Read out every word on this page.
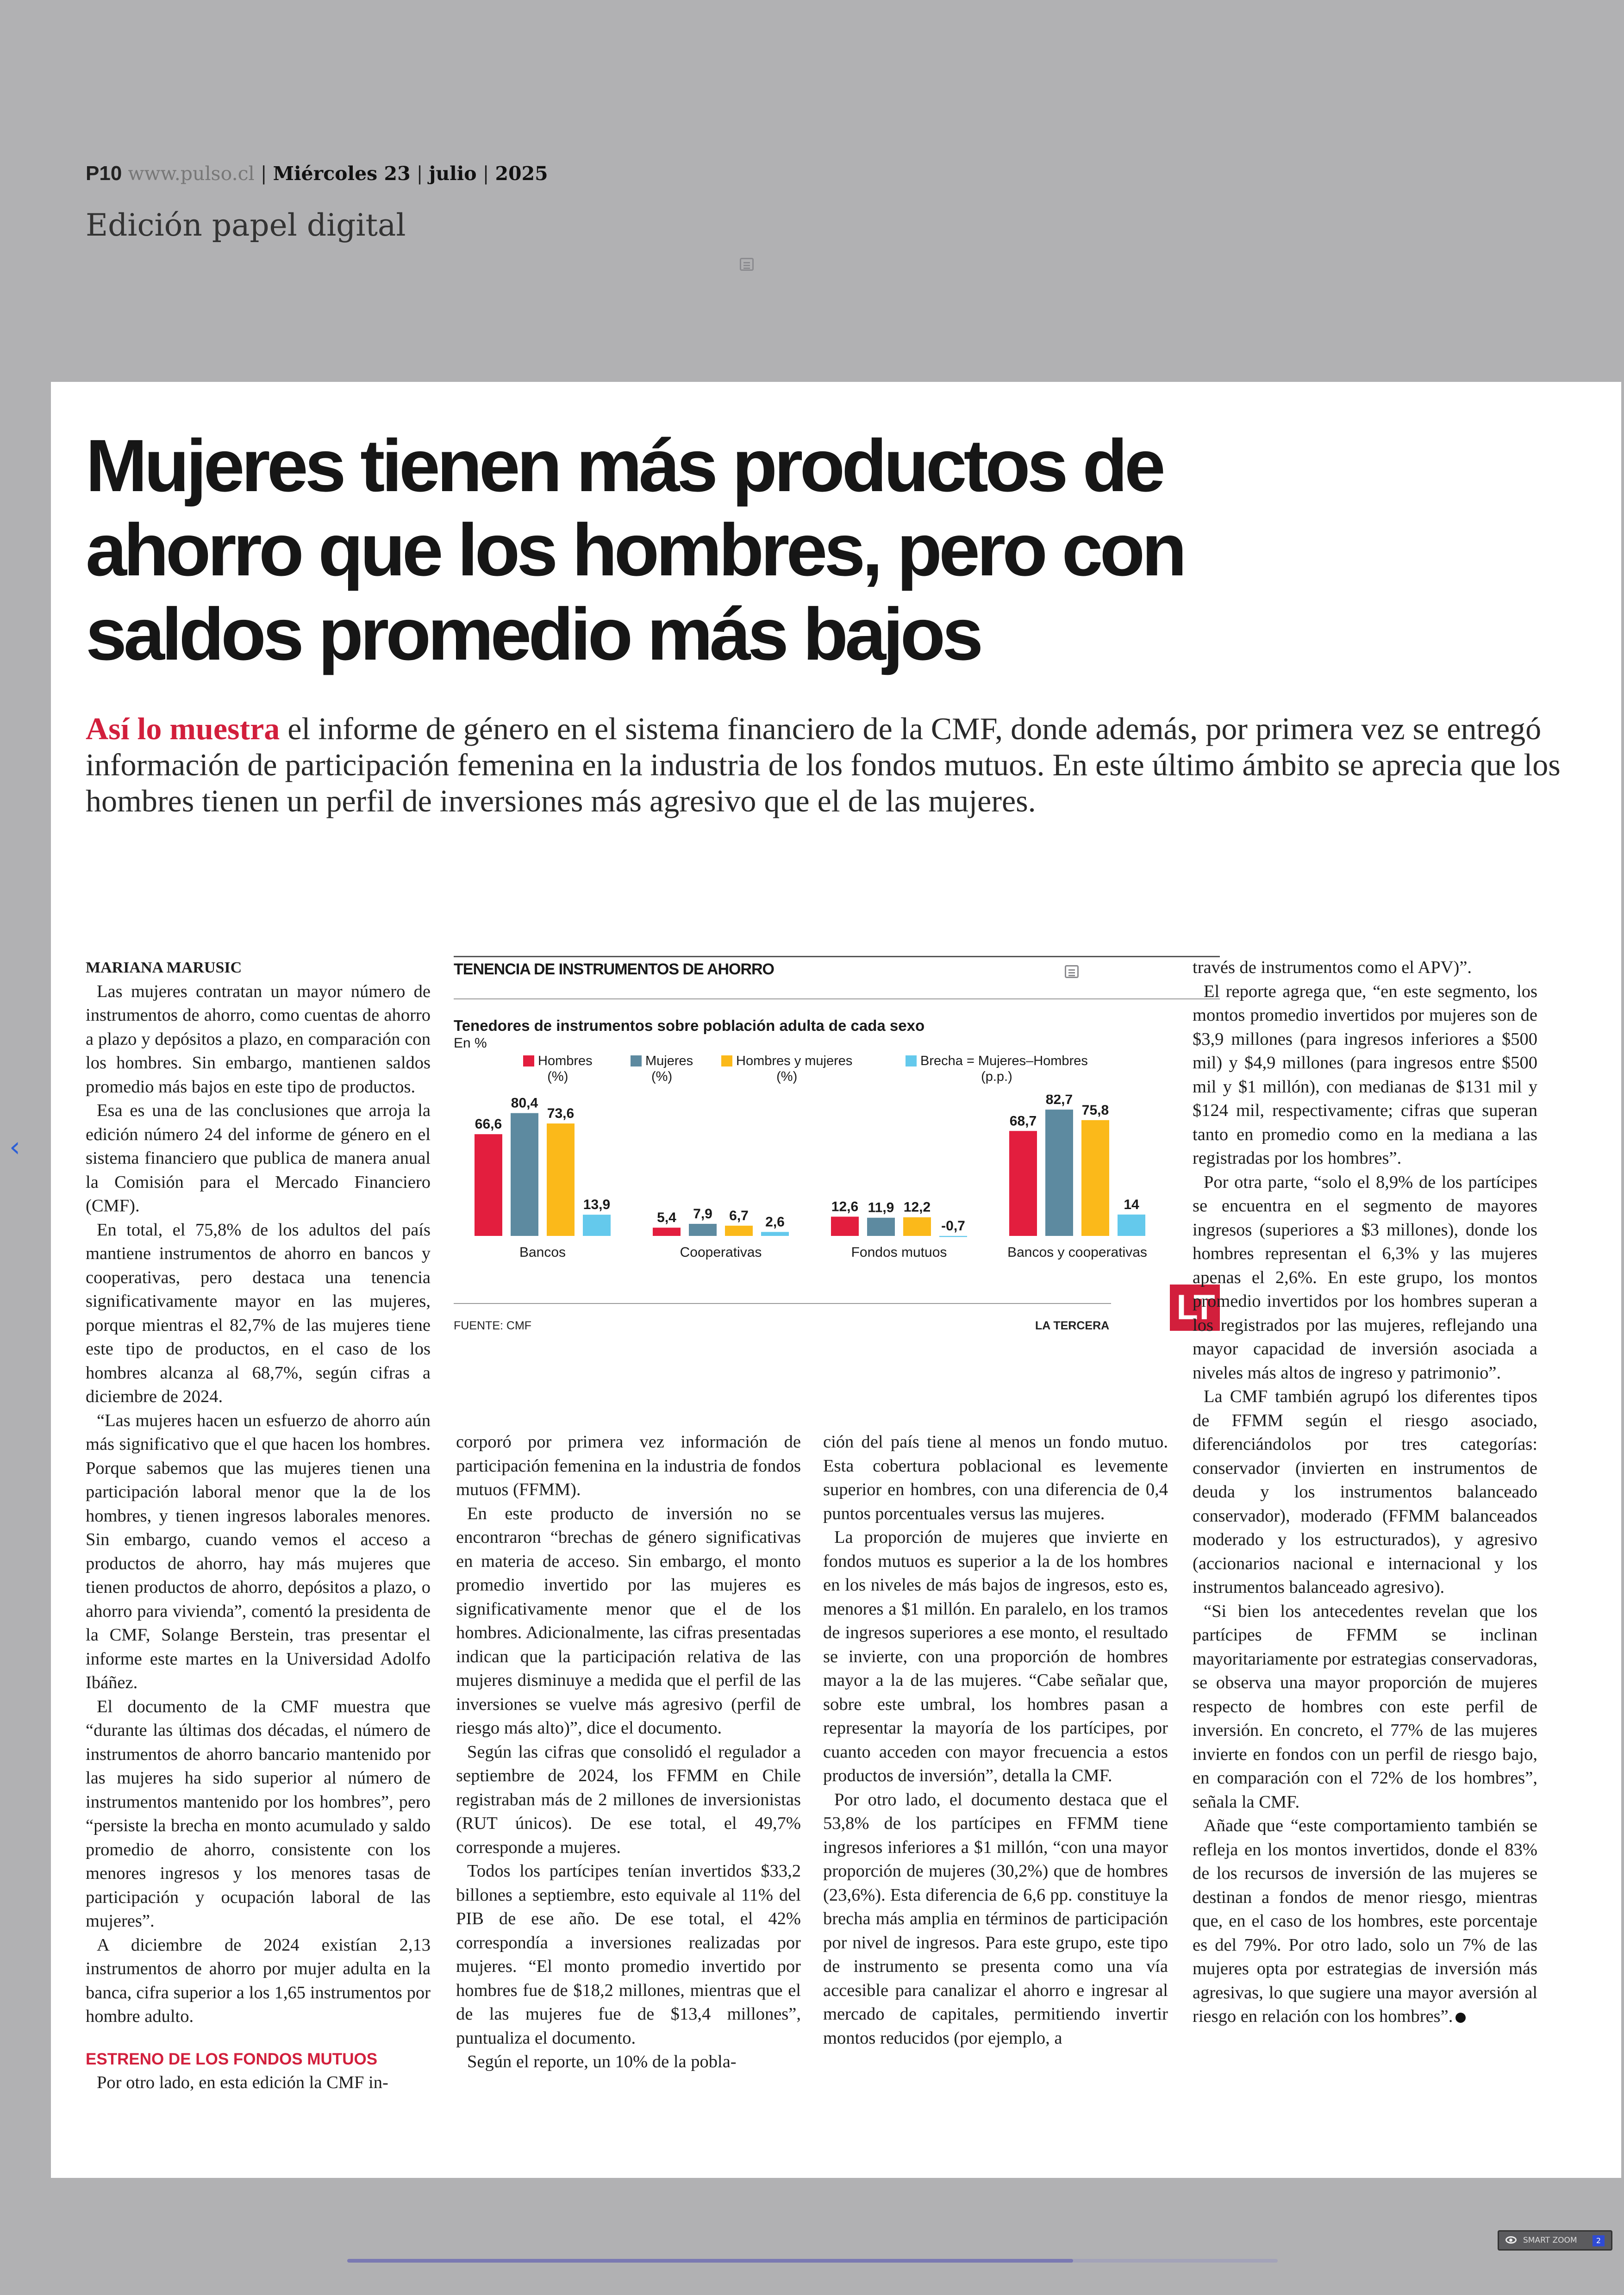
P10 www.pulso.cl | Miércoles 23 | julio | 2025
Edición papel digital
‹
Mujeres tienen más productos de ahorro que los hombres, pero con saldos promedio más bajos
Así lo muestra el informe de género en el sistema financiero de la CMF, donde además, por primera vez se entregó información de participación femenina en la industria de los fondos mutuos. En este último ámbito se aprecia que los hombres tienen un perfil de inversiones más agresivo que el de las mujeres.

MARIANA MARUSIC

Las mujeres contratan un mayor número de instrumentos de ahorro, como cuentas de ahorro a plazo y depósitos a plazo, en comparación con los hombres. Sin embargo, mantienen saldos promedio más bajos en este tipo de productos.

Esa es una de las conclusiones que arroja la edición número 24 del informe de género en el sistema financiero que publica de manera anual la Comisión para el Mercado Financiero (CMF).

En total, el 75,8% de los adultos del país mantiene instrumentos de ahorro en bancos y cooperativas, pero destaca una tenencia significativamente mayor en las mujeres, porque mientras el 82,7% de las mujeres tiene este tipo de productos, en el caso de los hombres alcanza al 68,7%, según cifras a diciembre de 2024.

“Las mujeres hacen un esfuerzo de ahorro aún más significativo que el que hacen los hombres. Porque sabemos que las mujeres tienen una participación laboral menor que la de los hombres, y tienen ingresos laborales menores. Sin embargo, cuando vemos el acceso a productos de ahorro, hay más mujeres que tienen productos de ahorro, depósitos a plazo, o ahorro para vivienda”, comentó la presidenta de la CMF, Solange Berstein, tras presentar el informe este martes en la Universidad Adolfo Ibáñez.

El documento de la CMF muestra que “durante las últimas dos décadas, el número de instrumentos de ahorro bancario mantenido por las mujeres ha sido superior al número de instrumentos mantenido por los hombres”, pero “persiste la brecha en monto acumulado y saldo promedio de ahorro, consistente con los menores ingresos y los menores tasas de participación y ocupación laboral de las mujeres”.

A diciembre de 2024 existían 2,13 instrumentos de ahorro por mujer adulta en la banca, cifra superior a los 1,65 instrumentos por hombre adulto.

ESTRENO DE LOS FONDOS MUTUOS

Por otro lado, en esta edición la CMF in-

TENENCIA DE INSTRUMENTOS DE AHORRO
Tenedores de instrumentos sobre población adulta de cada sexo
En %
Hombres
(%)
Mujeres
(%)
Hombres y mujeres
(%)
Brecha = Mujeres–Hombres
(p.p.)
66,6
80,4
73,6
13,9
Bancos
5,4 7,9 6,7 2,6
Cooperativas
12,6 11,9 12,2
-0,7
Fondos mutuos
68,7
82,7
75,8
14
Bancos y cooperativas
FUENTE: CMF	LA TERCERA LT

corporó por primera vez información de participación femenina en la industria de fondos mutuos (FFMM).

En este producto de inversión no se encontraron “brechas de género significativas en materia de acceso. Sin embargo, el monto promedio invertido por las mujeres es significativamente menor que el de los hombres. Adicionalmente, las cifras presentadas indican que la participación relativa de las mujeres disminuye a medida que el perfil de las inversiones se vuelve más agresivo (perfil de riesgo más alto)”, dice el documento.

Según las cifras que consolidó el regulador a septiembre de 2024, los FFMM en Chile registraban más de 2 millones de inversionistas (RUT únicos). De ese total, el 49,7% corresponde a mujeres.

Todos los partícipes tenían invertidos $33,2 billones a septiembre, esto equivale al 11% del PIB de ese año. De ese total, el 42% correspondía a inversiones realizadas por mujeres. “El monto promedio invertido por hombres fue de $18,2 millones, mientras que el de las mujeres fue de $13,4 millones”, puntualiza el documento.

Según el reporte, un 10% de la pobla-

ción del país tiene al menos un fondo mutuo. Esta cobertura poblacional es levemente superior en hombres, con una diferencia de 0,4 puntos porcentuales versus las mujeres.

La proporción de mujeres que invierte en fondos mutuos es superior a la de los hombres en los niveles de más bajos de ingresos, esto es, menores a $1 millón. En paralelo, en los tramos de ingresos superiores a ese monto, el resultado se invierte, con una proporción de hombres mayor a la de las mujeres. “Cabe señalar que, sobre este umbral, los hombres pasan a representar la mayoría de los partícipes, por cuanto acceden con mayor frecuencia a estos productos de inversión”, detalla la CMF.

Por otro lado, el documento destaca que el 53,8% de los partícipes en FFMM tiene ingresos inferiores a $1 millón, “con una mayor proporción de mujeres (30,2%) que de hombres (23,6%). Esta diferencia de 6,6 pp. constituye la brecha más amplia en términos de participación por nivel de ingresos. Para este grupo, este tipo de instrumento se presenta como una vía accesible para canalizar el ahorro e ingresar al mercado de capitales, permitiendo invertir montos reducidos (por ejemplo, a

través de instrumentos como el APV)”.

El reporte agrega que, “en este segmento, los montos promedio invertidos por mujeres son de $3,9 millones (para ingresos inferiores a $500 mil) y $4,9 millones (para ingresos entre $500 mil y $1 millón), con medianas de $131 mil y $124 mil, respectivamente; cifras que superan tanto en promedio como en la mediana a las registradas por los hombres”.

Por otra parte, “solo el 8,9% de los partícipes se encuentra en el segmento de mayores ingresos (superiores a $3 millones), donde los hombres representan el 6,3% y las mujeres apenas el 2,6%. En este grupo, los montos promedio invertidos por los hombres superan a los registrados por las mujeres, reflejando una mayor capacidad de inversión asociada a niveles más altos de ingreso y patrimonio”.

La CMF también agrupó los diferentes tipos de FFMM según el riesgo asociado, diferenciándolos por tres categorías: conservador (invierten en instrumentos de deuda y los instrumentos balanceado conservador), moderado (FFMM balanceados moderado y los estructurados), y agresivo (accionarios nacional e internacional y los instrumentos balanceado agresivo).

“Si bien los antecedentes revelan que los partícipes de FFMM se inclinan mayoritariamente por estrategias conservadoras, se observa una mayor proporción de mujeres respecto de hombres con este perfil de inversión. En concreto, el 77% de las mujeres invierte en fondos con un perfil de riesgo bajo, en comparación con el 72% de los hombres”, señala la CMF.

Añade que “este comportamiento también se refleja en los montos invertidos, donde el 83% de los recursos de inversión de las mujeres se destinan a fondos de menor riesgo, mientras que, en el caso de los hombres, este porcentaje es del 79%. Por otro lado, solo un 7% de las mujeres opta por estrategias de inversión más agresivas, lo que sugiere una mayor aversión al riesgo en relación con los hombres”.

SMART ZOOM	2
